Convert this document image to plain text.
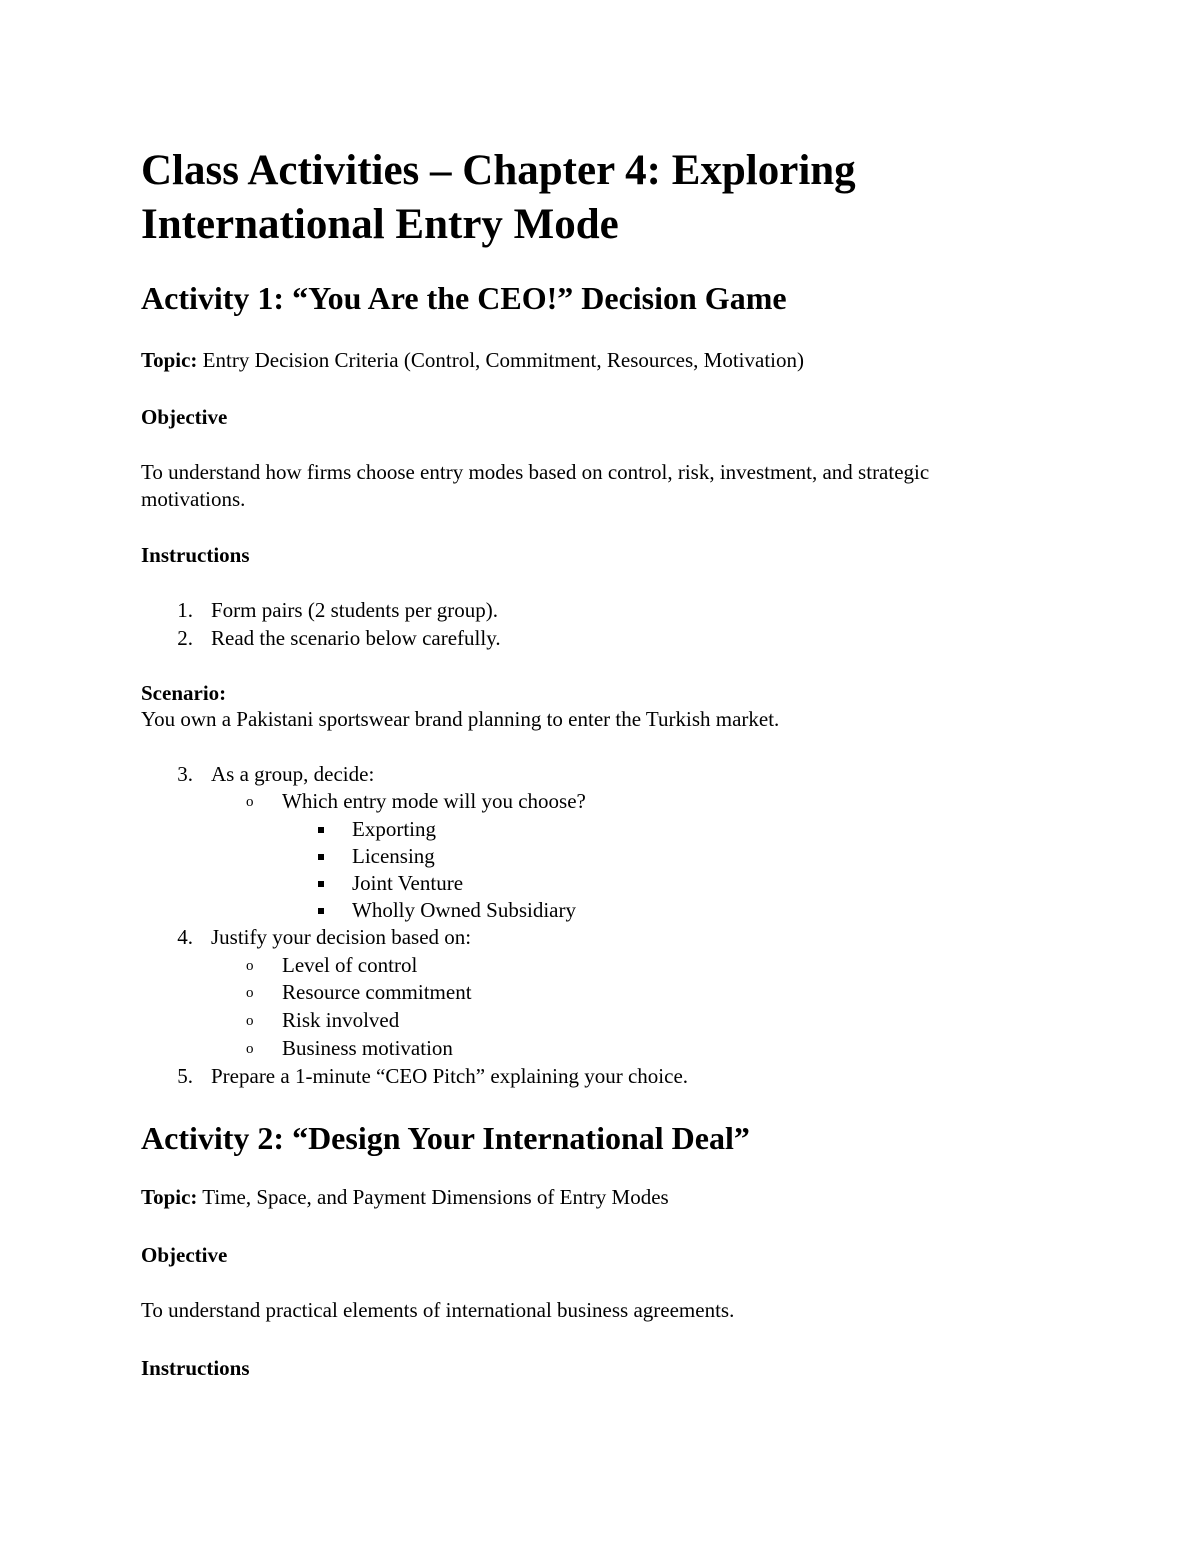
Class Activities – Chapter 4: Exploring International Entry Mode
Activity 1: “You Are the CEO!” Decision Game
Topic: Entry Decision Criteria (Control, Commitment, Resources, Motivation)
Objective
To understand how firms choose entry modes based on control, risk, investment, and strategic motivations.
Instructions
1. Form pairs (2 students per group).
2. Read the scenario below carefully.
Scenario:
You own a Pakistani sportswear brand planning to enter the Turkish market.
3. As a group, decide:
o Which entry mode will you choose?
Exporting
Licensing
Joint Venture
Wholly Owned Subsidiary
4. Justify your decision based on:
o Level of control
o Resource commitment
o Risk involved
o Business motivation
5. Prepare a 1-minute “CEO Pitch” explaining your choice.
Activity 2: “Design Your International Deal”
Topic: Time, Space, and Payment Dimensions of Entry Modes
Objective
To understand practical elements of international business agreements.
Instructions
